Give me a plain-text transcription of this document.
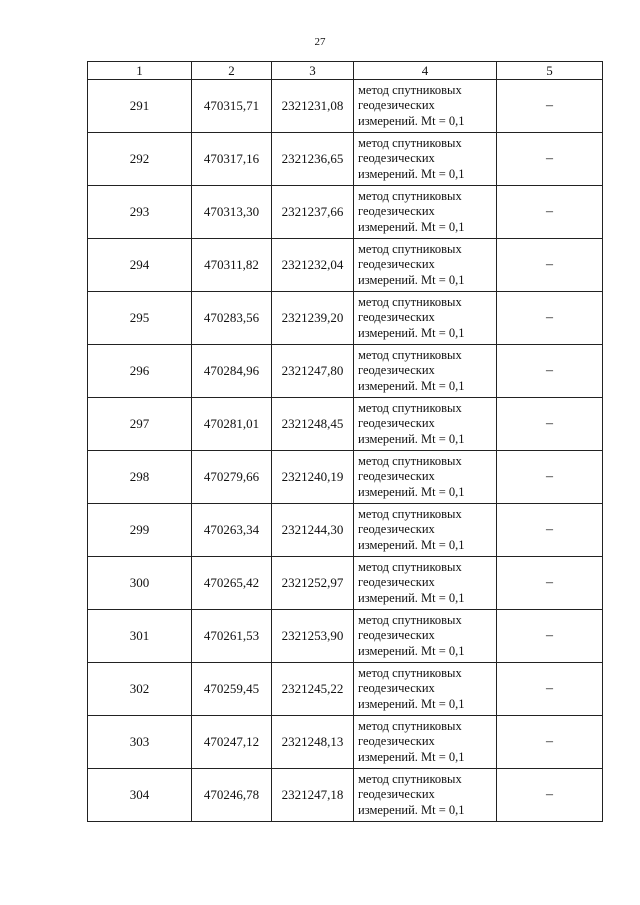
27
1	2	3	4	5
291	470315,71	2321231,08	метод спутниковых
геодезических
измерений. Mt = 0,1	–
292	470317,16	2321236,65	метод спутниковых
геодезических
измерений. Mt = 0,1	–
293	470313,30	2321237,66	метод спутниковых
геодезических
измерений. Mt = 0,1	–
294	470311,82	2321232,04	метод спутниковых
геодезических
измерений. Mt = 0,1	–
295	470283,56	2321239,20	метод спутниковых
геодезических
измерений. Mt = 0,1	–
296	470284,96	2321247,80	метод спутниковых
геодезических
измерений. Mt = 0,1	–
297	470281,01	2321248,45	метод спутниковых
геодезических
измерений. Mt = 0,1	–
298	470279,66	2321240,19	метод спутниковых
геодезических
измерений. Mt = 0,1	–
299	470263,34	2321244,30	метод спутниковых
геодезических
измерений. Mt = 0,1	–
300	470265,42	2321252,97	метод спутниковых
геодезических
измерений. Mt = 0,1	–
301	470261,53	2321253,90	метод спутниковых
геодезических
измерений. Mt = 0,1	–
302	470259,45	2321245,22	метод спутниковых
геодезических
измерений. Mt = 0,1	–
303	470247,12	2321248,13	метод спутниковых
геодезических
измерений. Mt = 0,1	–
304	470246,78	2321247,18	метод спутниковых
геодезических
измерений. Mt = 0,1	–
